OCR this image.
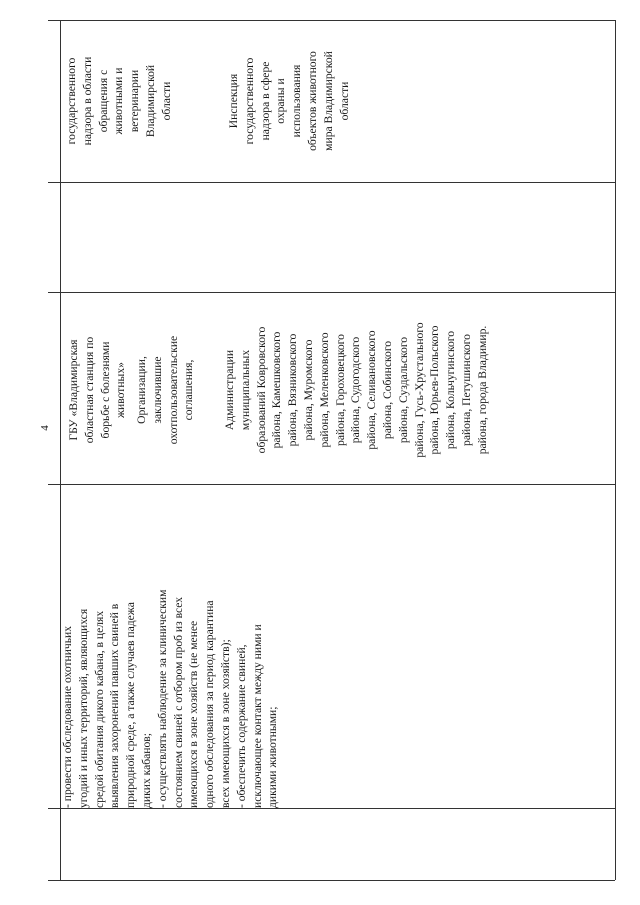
4
- провести обследование охотничьих угодий и иных территорий, являющихся средой обитания дикого кабана, в целях выявления захоронений павших свиней в природной среде, а также случаев падежа диких кабанов; - осуществлять наблюдение за клиническим состоянием свиней с отбором проб из всех имеющихся в зоне хозяйств (не менее одного обследования за период карантина всех имеющихся в зоне хозяйств); - обеспечить содержание свиней, исключающее контакт между ними и дикими животными;
ГБУ «Владимирская областная станция по борьбе с болезнями животных» Организации, заключившие охотпользовательские соглашения, Администрации муниципальных образований Ковровского района, Камешковского района, Вязниковского района, Муромского района, Меленковского района, Гороховецкого района, Судогодского района, Селивановского района, Собинского района, Суздальского района, Гусь-Хрустального района, Юрьев-Польского района, Кольчугинского района, Петушинского района, города Владимир.
государственного надзора в области обращения с животными и ветеринарии Владимирской области	Инспекция государственного надзора в сфере охраны и использования объектов животного мира Владимирской области
